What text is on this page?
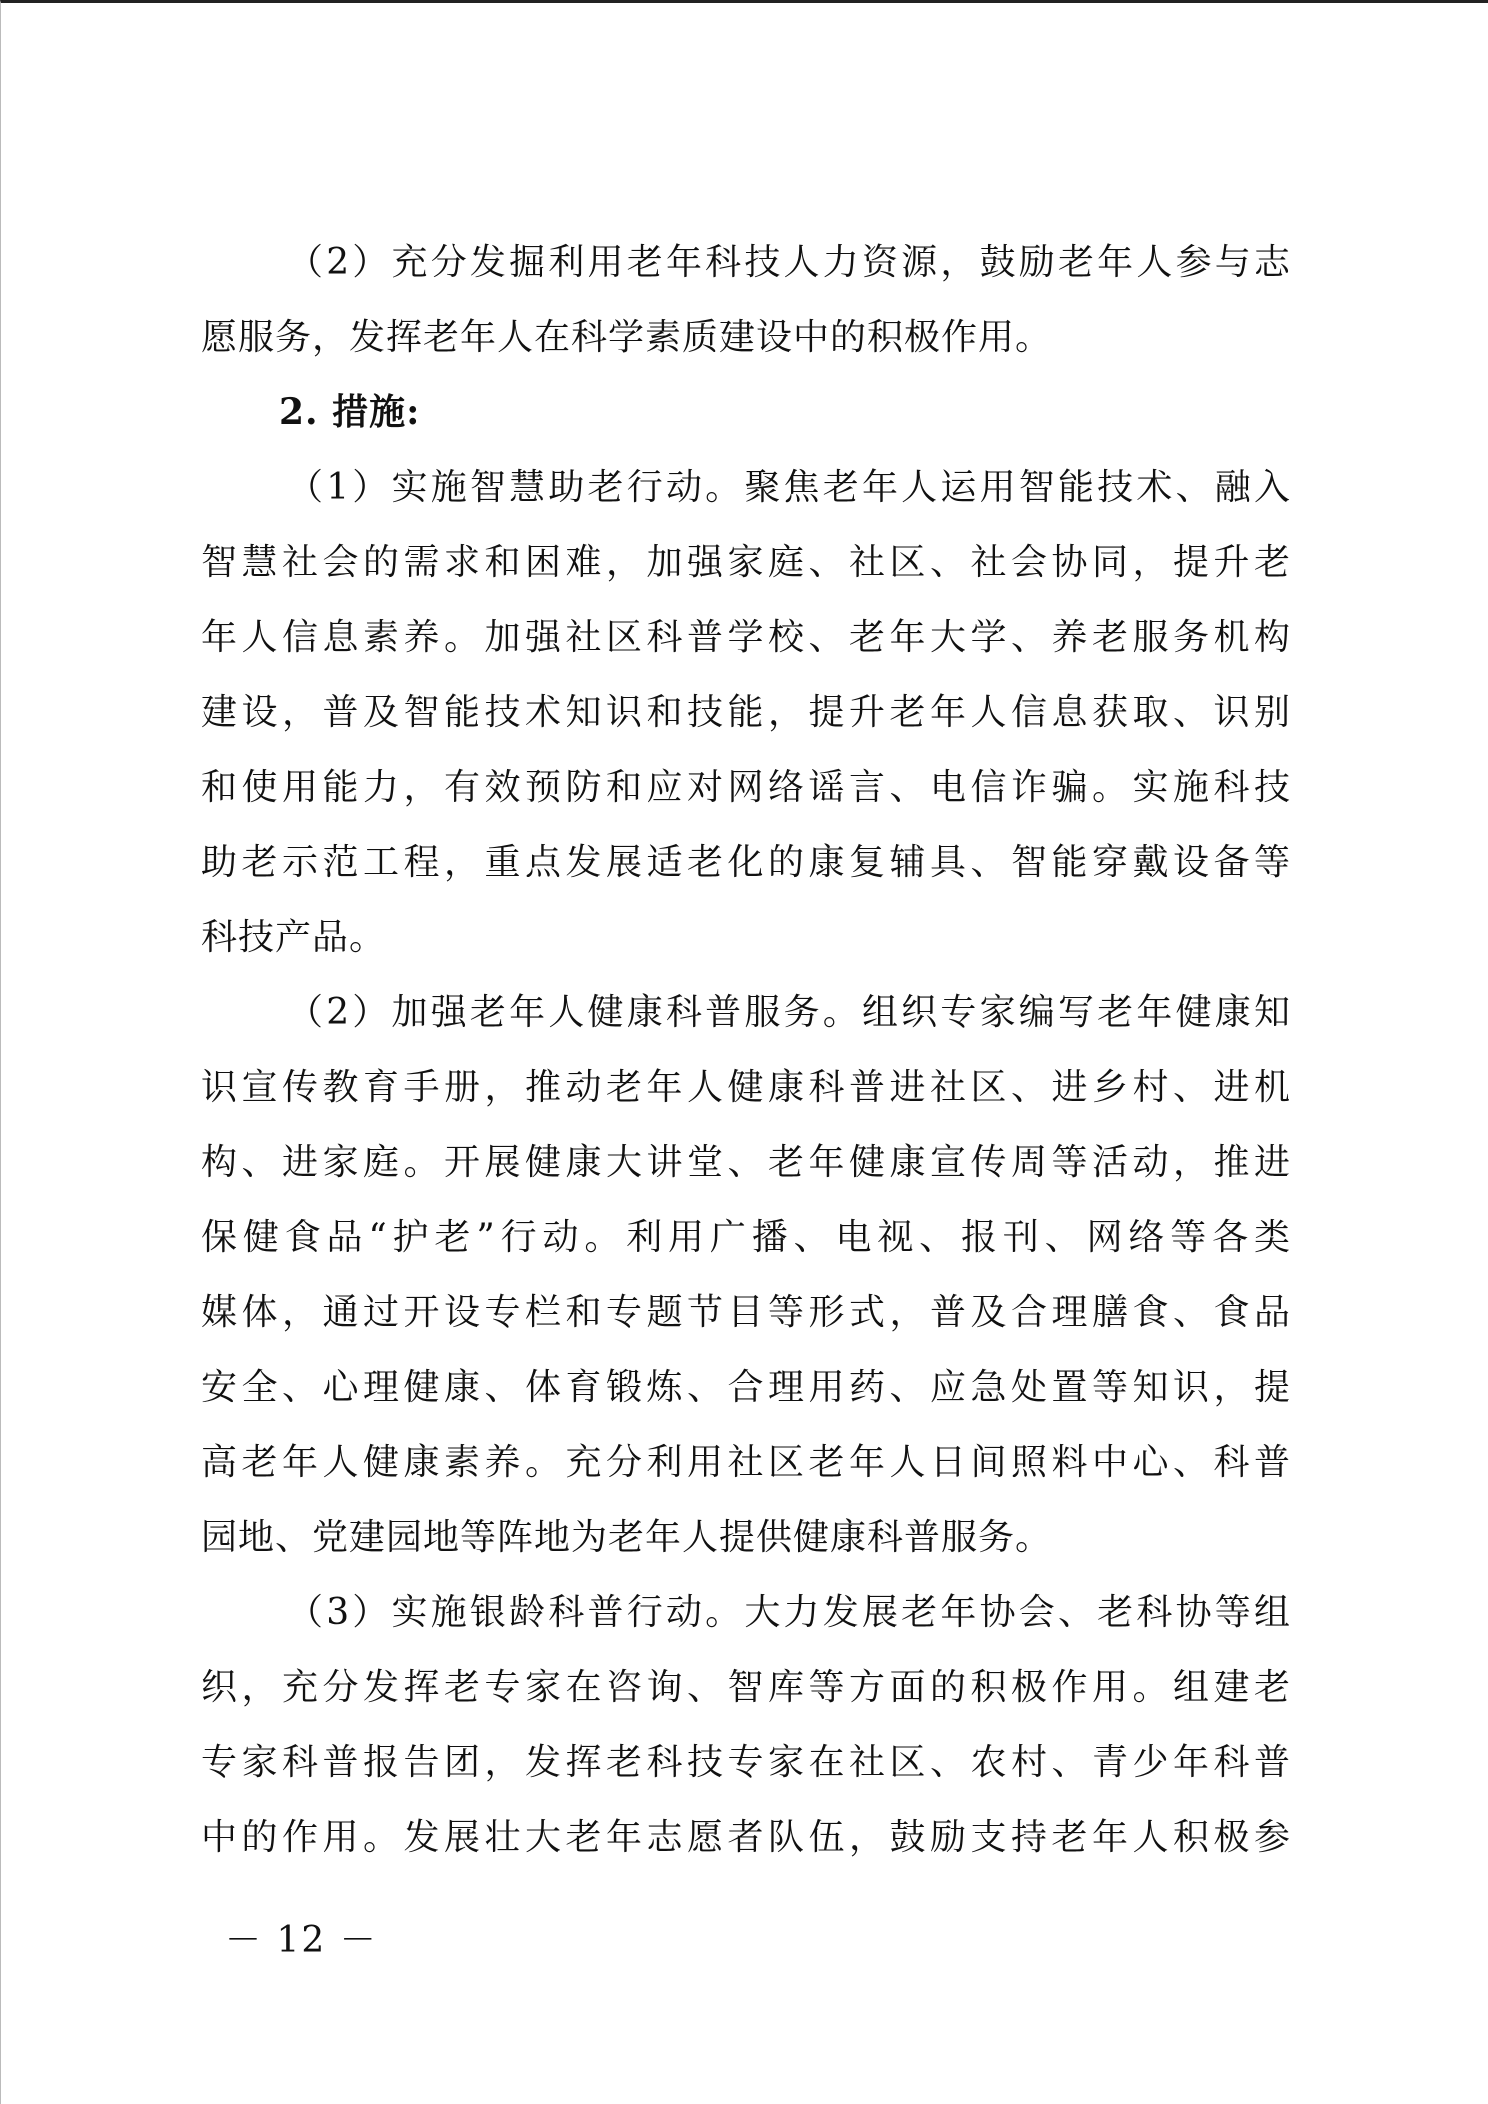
（2）充分发掘利用老年科技人力资源，鼓励老年人参与志
愿服务，发挥老年人在科学素质建设中的积极作用。
2. 措施:
（1）实施智慧助老行动。聚焦老年人运用智能技术、融入
智慧社会的需求和困难，加强家庭、社区、社会协同，提升老
年人信息素养。加强社区科普学校、老年大学、养老服务机构
建设，普及智能技术知识和技能，提升老年人信息获取、识别
和使用能力，有效预防和应对网络谣言、电信诈骗。实施科技
助老示范工程，重点发展适老化的康复辅具、智能穿戴设备等
科技产品。
（2）加强老年人健康科普服务。组织专家编写老年健康知
识宣传教育手册，推动老年人健康科普进社区、进乡村、进机
构、进家庭。开展健康大讲堂、老年健康宣传周等活动，推进
保健食品“护老”行动。利用广播、电视、报刊、网络等各类
媒体，通过开设专栏和专题节目等形式，普及合理膳食、食品
安全、心理健康、体育锻炼、合理用药、应急处置等知识，提
高老年人健康素养。充分利用社区老年人日间照料中心、科普
园地、党建园地等阵地为老年人提供健康科普服务。
（3）实施银龄科普行动。大力发展老年协会、老科协等组
织，充分发挥老专家在咨询、智库等方面的积极作用。组建老
专家科普报告团，发挥老科技专家在社区、农村、青少年科普
中的作用。发展壮大老年志愿者队伍，鼓励支持老年人积极参
－ 12 －
